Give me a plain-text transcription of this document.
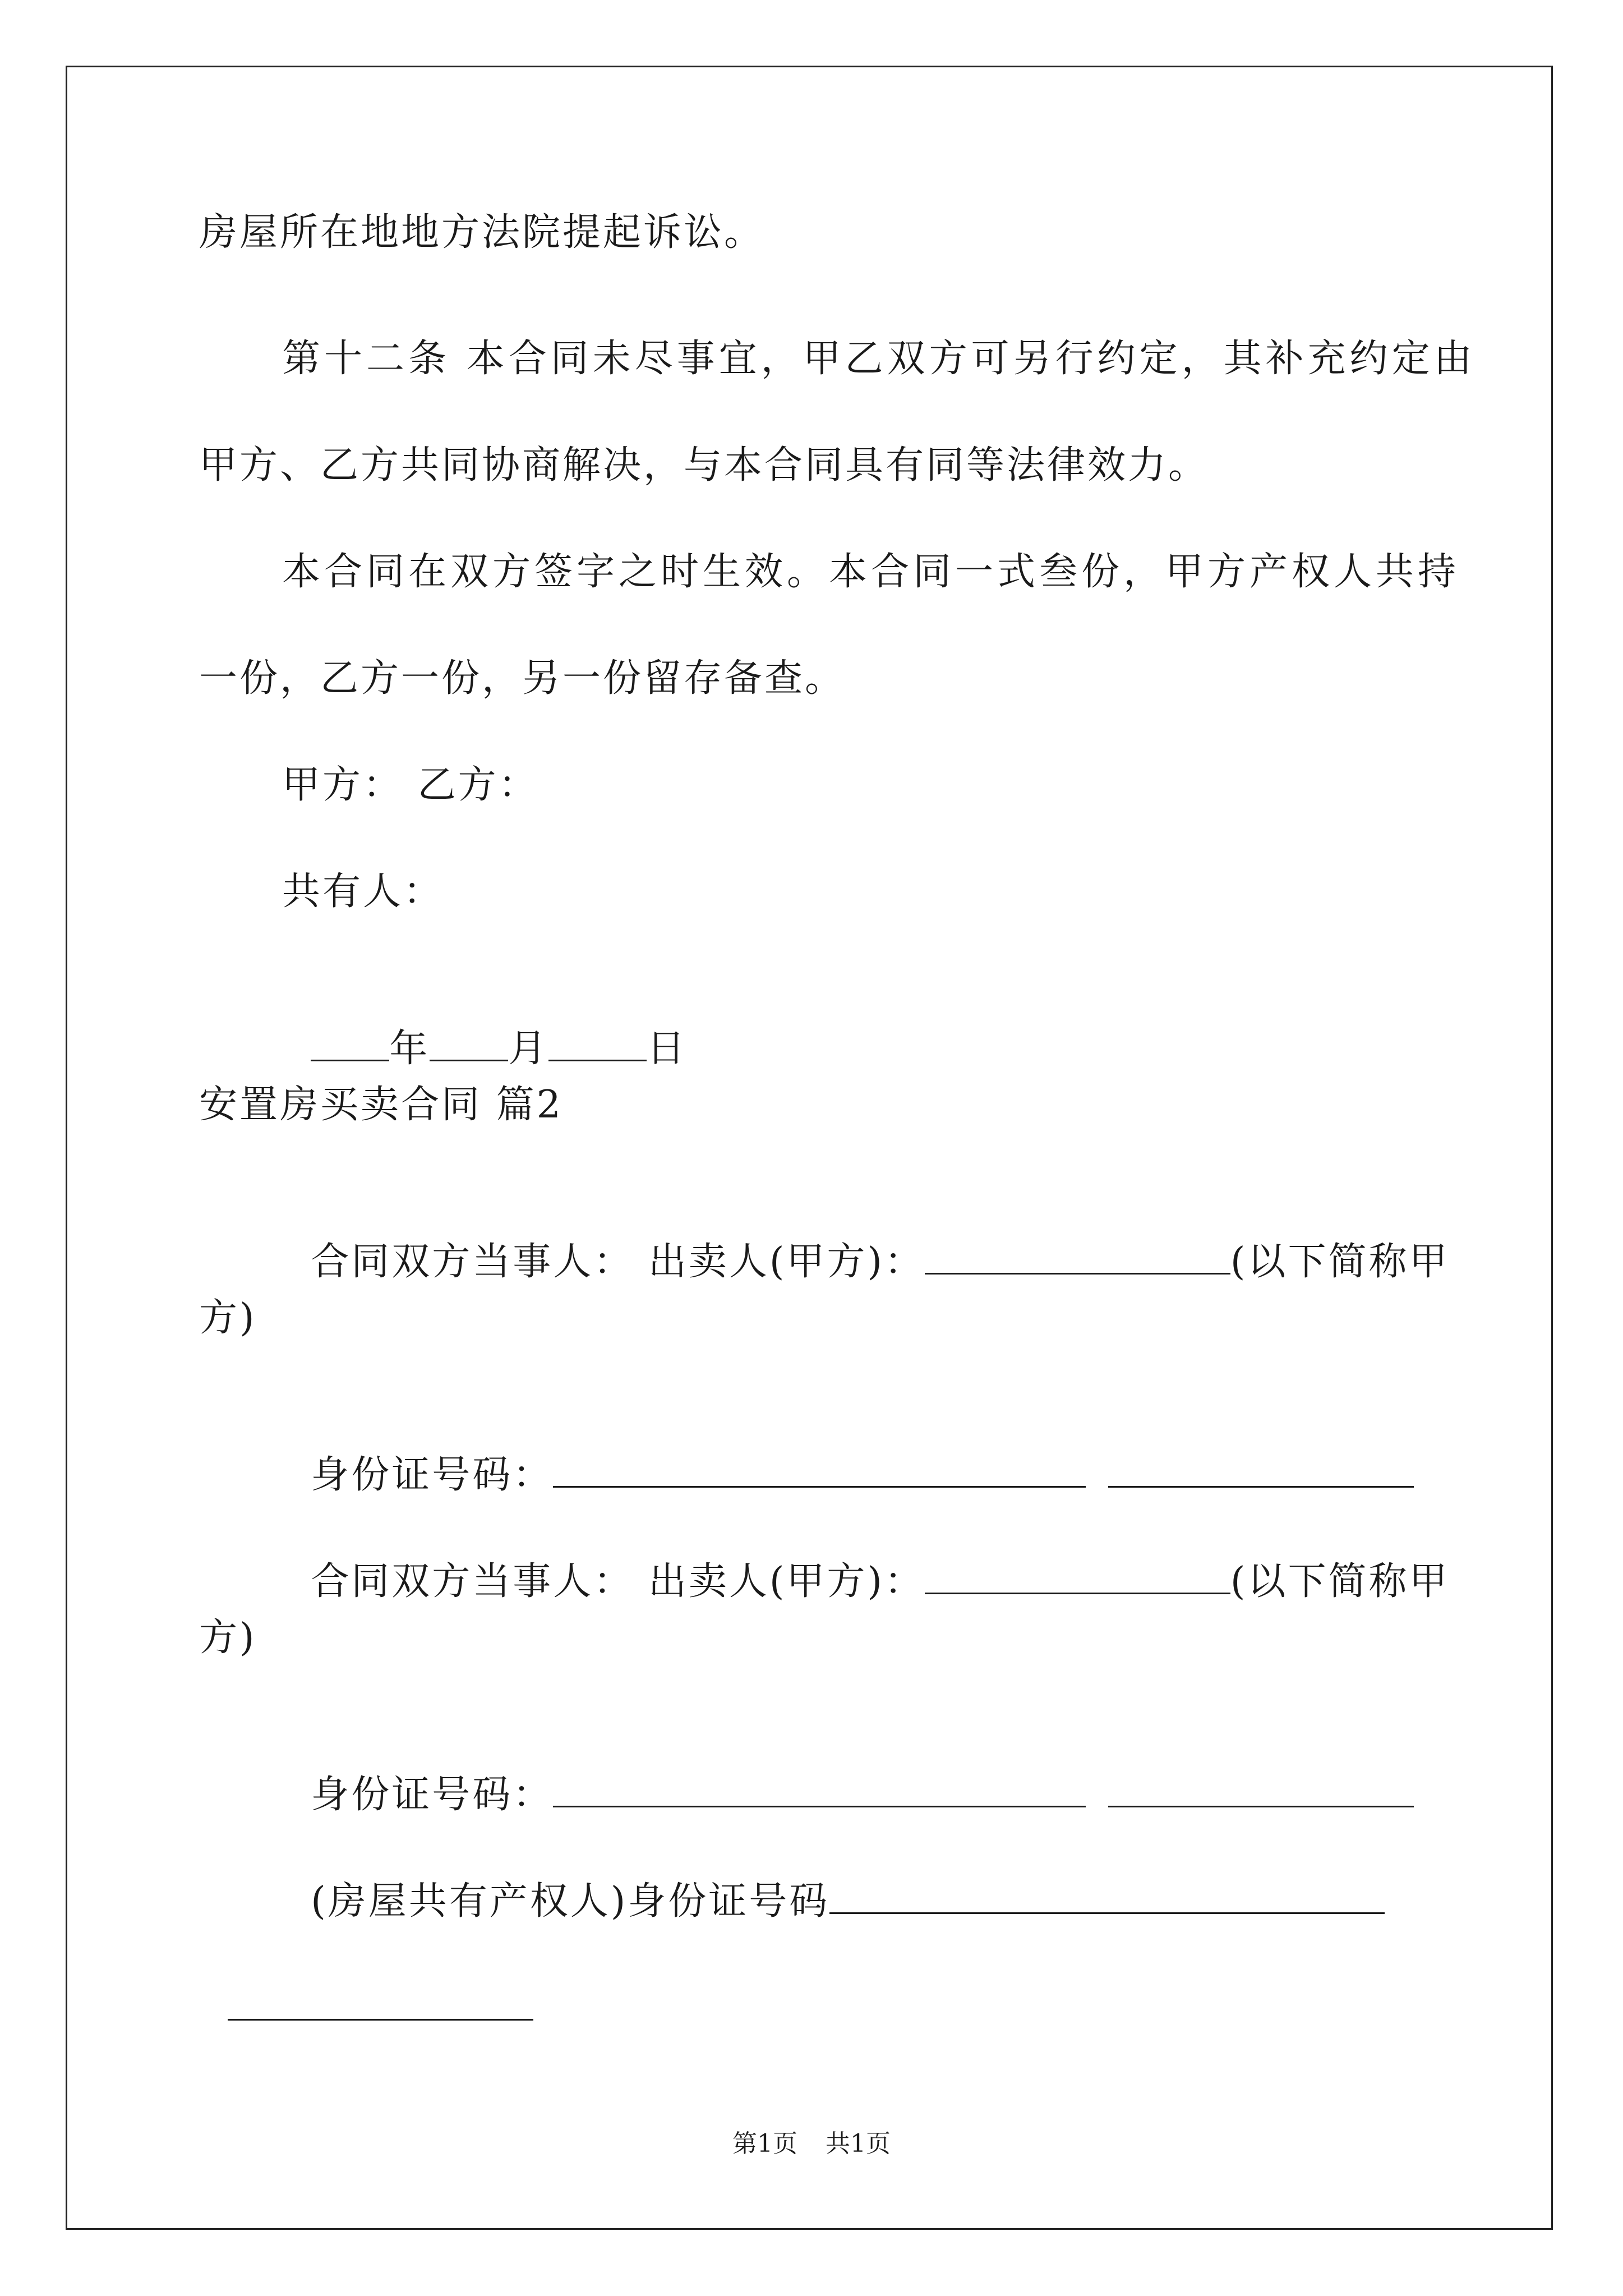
房屋所在地地方法院提起诉讼。
第十二条 本合同未尽事宜，甲乙双方可另行约定，其补充约定由
甲方、乙方共同协商解决，与本合同具有同等法律效力。
本合同在双方签字之时生效。本合同一式叁份，甲方产权人共持
一份，乙方一份，另一份留存备查。
甲方： 乙方：
共有人：

年 月	日

安置房买卖合同 篇2

合同双方当事人： 出卖人(甲方)：	(以下简称甲

方)

身份证号码：

合同双方当事人： 出卖人(甲方)：	(以下简称甲

方)

身份证号码：

(房屋共有产权人)身份证号码

第1页 共1页
